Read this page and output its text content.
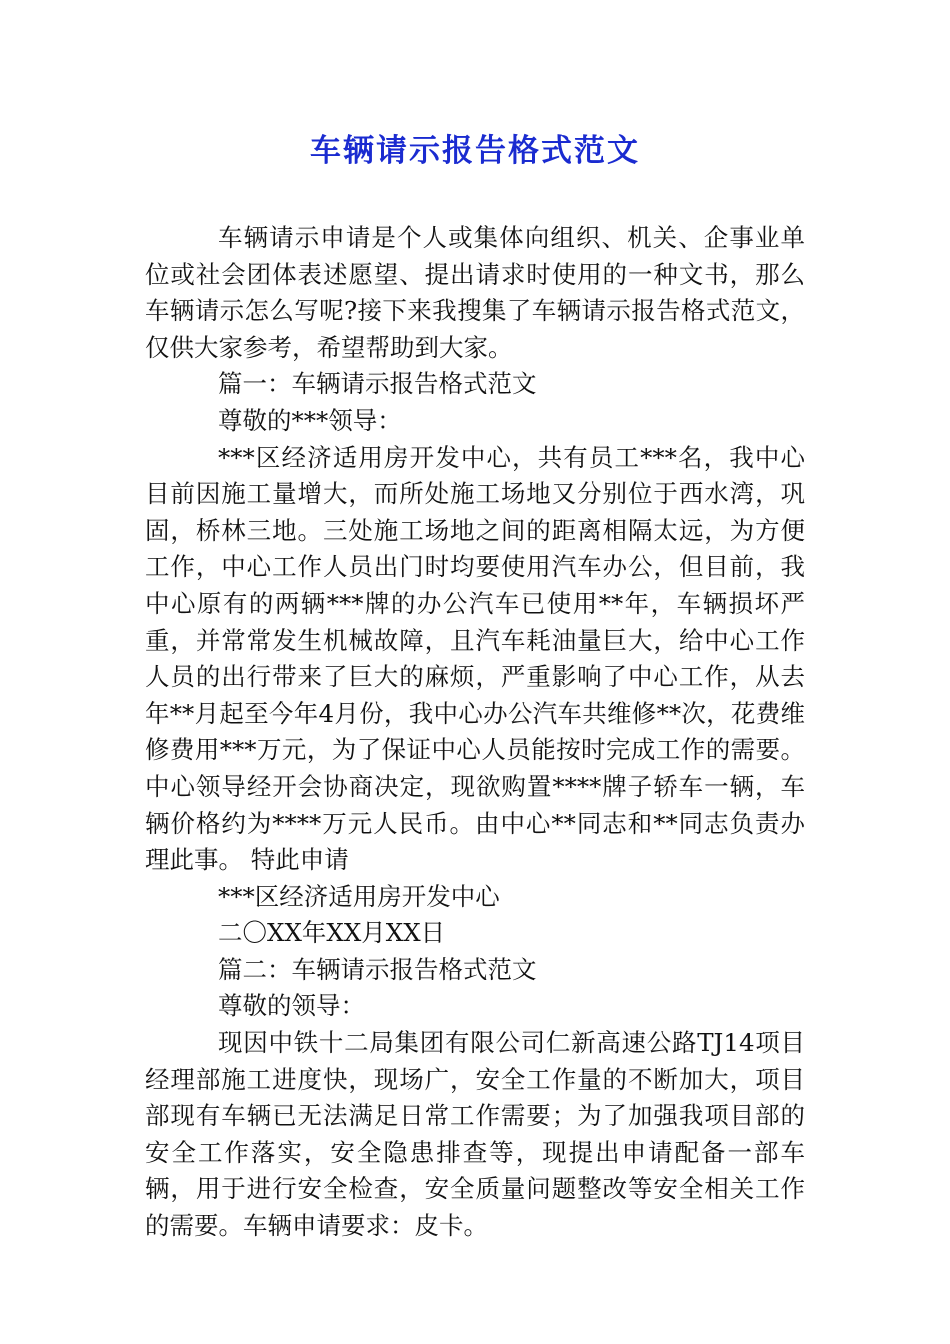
车辆请示报告格式范文

车辆请示申请是个人或集体向组织、机关、企事业单位或社会团体表述愿望、提出请求时使用的一种文书，那么车辆请示怎么写呢?接下来我搜集了车辆请示报告格式范文，仅供大家参考，希望帮助到大家。

篇一：车辆请示报告格式范文

尊敬的***领导：

***区经济适用房开发中心，共有员工***名，我中心目前因施工量增大，而所处施工场地又分别位于西水湾，巩固，桥林三地。三处施工场地之间的距离相隔太远，为方便工作，中心工作人员出门时均要使用汽车办公，但目前，我中心原有的两辆***牌的办公汽车已使用**年，车辆损坏严重，并常常发生机械故障，且汽车耗油量巨大，给中心工作人员的出行带来了巨大的麻烦，严重影响了中心工作，从去年**月起至今年4月份，我中心办公汽车共维修**次，花费维修费用***万元，为了保证中心人员能按时完成工作的需要。中心领导经开会协商决定，现欲购置****牌子轿车一辆，车辆价格约为****万元人民币。由中心**同志和**同志负责办理此事。 特此申请

***区经济适用房开发中心

二〇XX年XX月XX日

篇二：车辆请示报告格式范文

尊敬的领导：

现因中铁十二局集团有限公司仁新高速公路TJ14项目经理部施工进度快，现场广，安全工作量的不断加大，项目部现有车辆已无法满足日常工作需要；为了加强我项目部的安全工作落实，安全隐患排查等，现提出申请配备一部车辆，用于进行安全检查，安全质量问题整改等安全相关工作的需要。车辆申请要求：皮卡。
